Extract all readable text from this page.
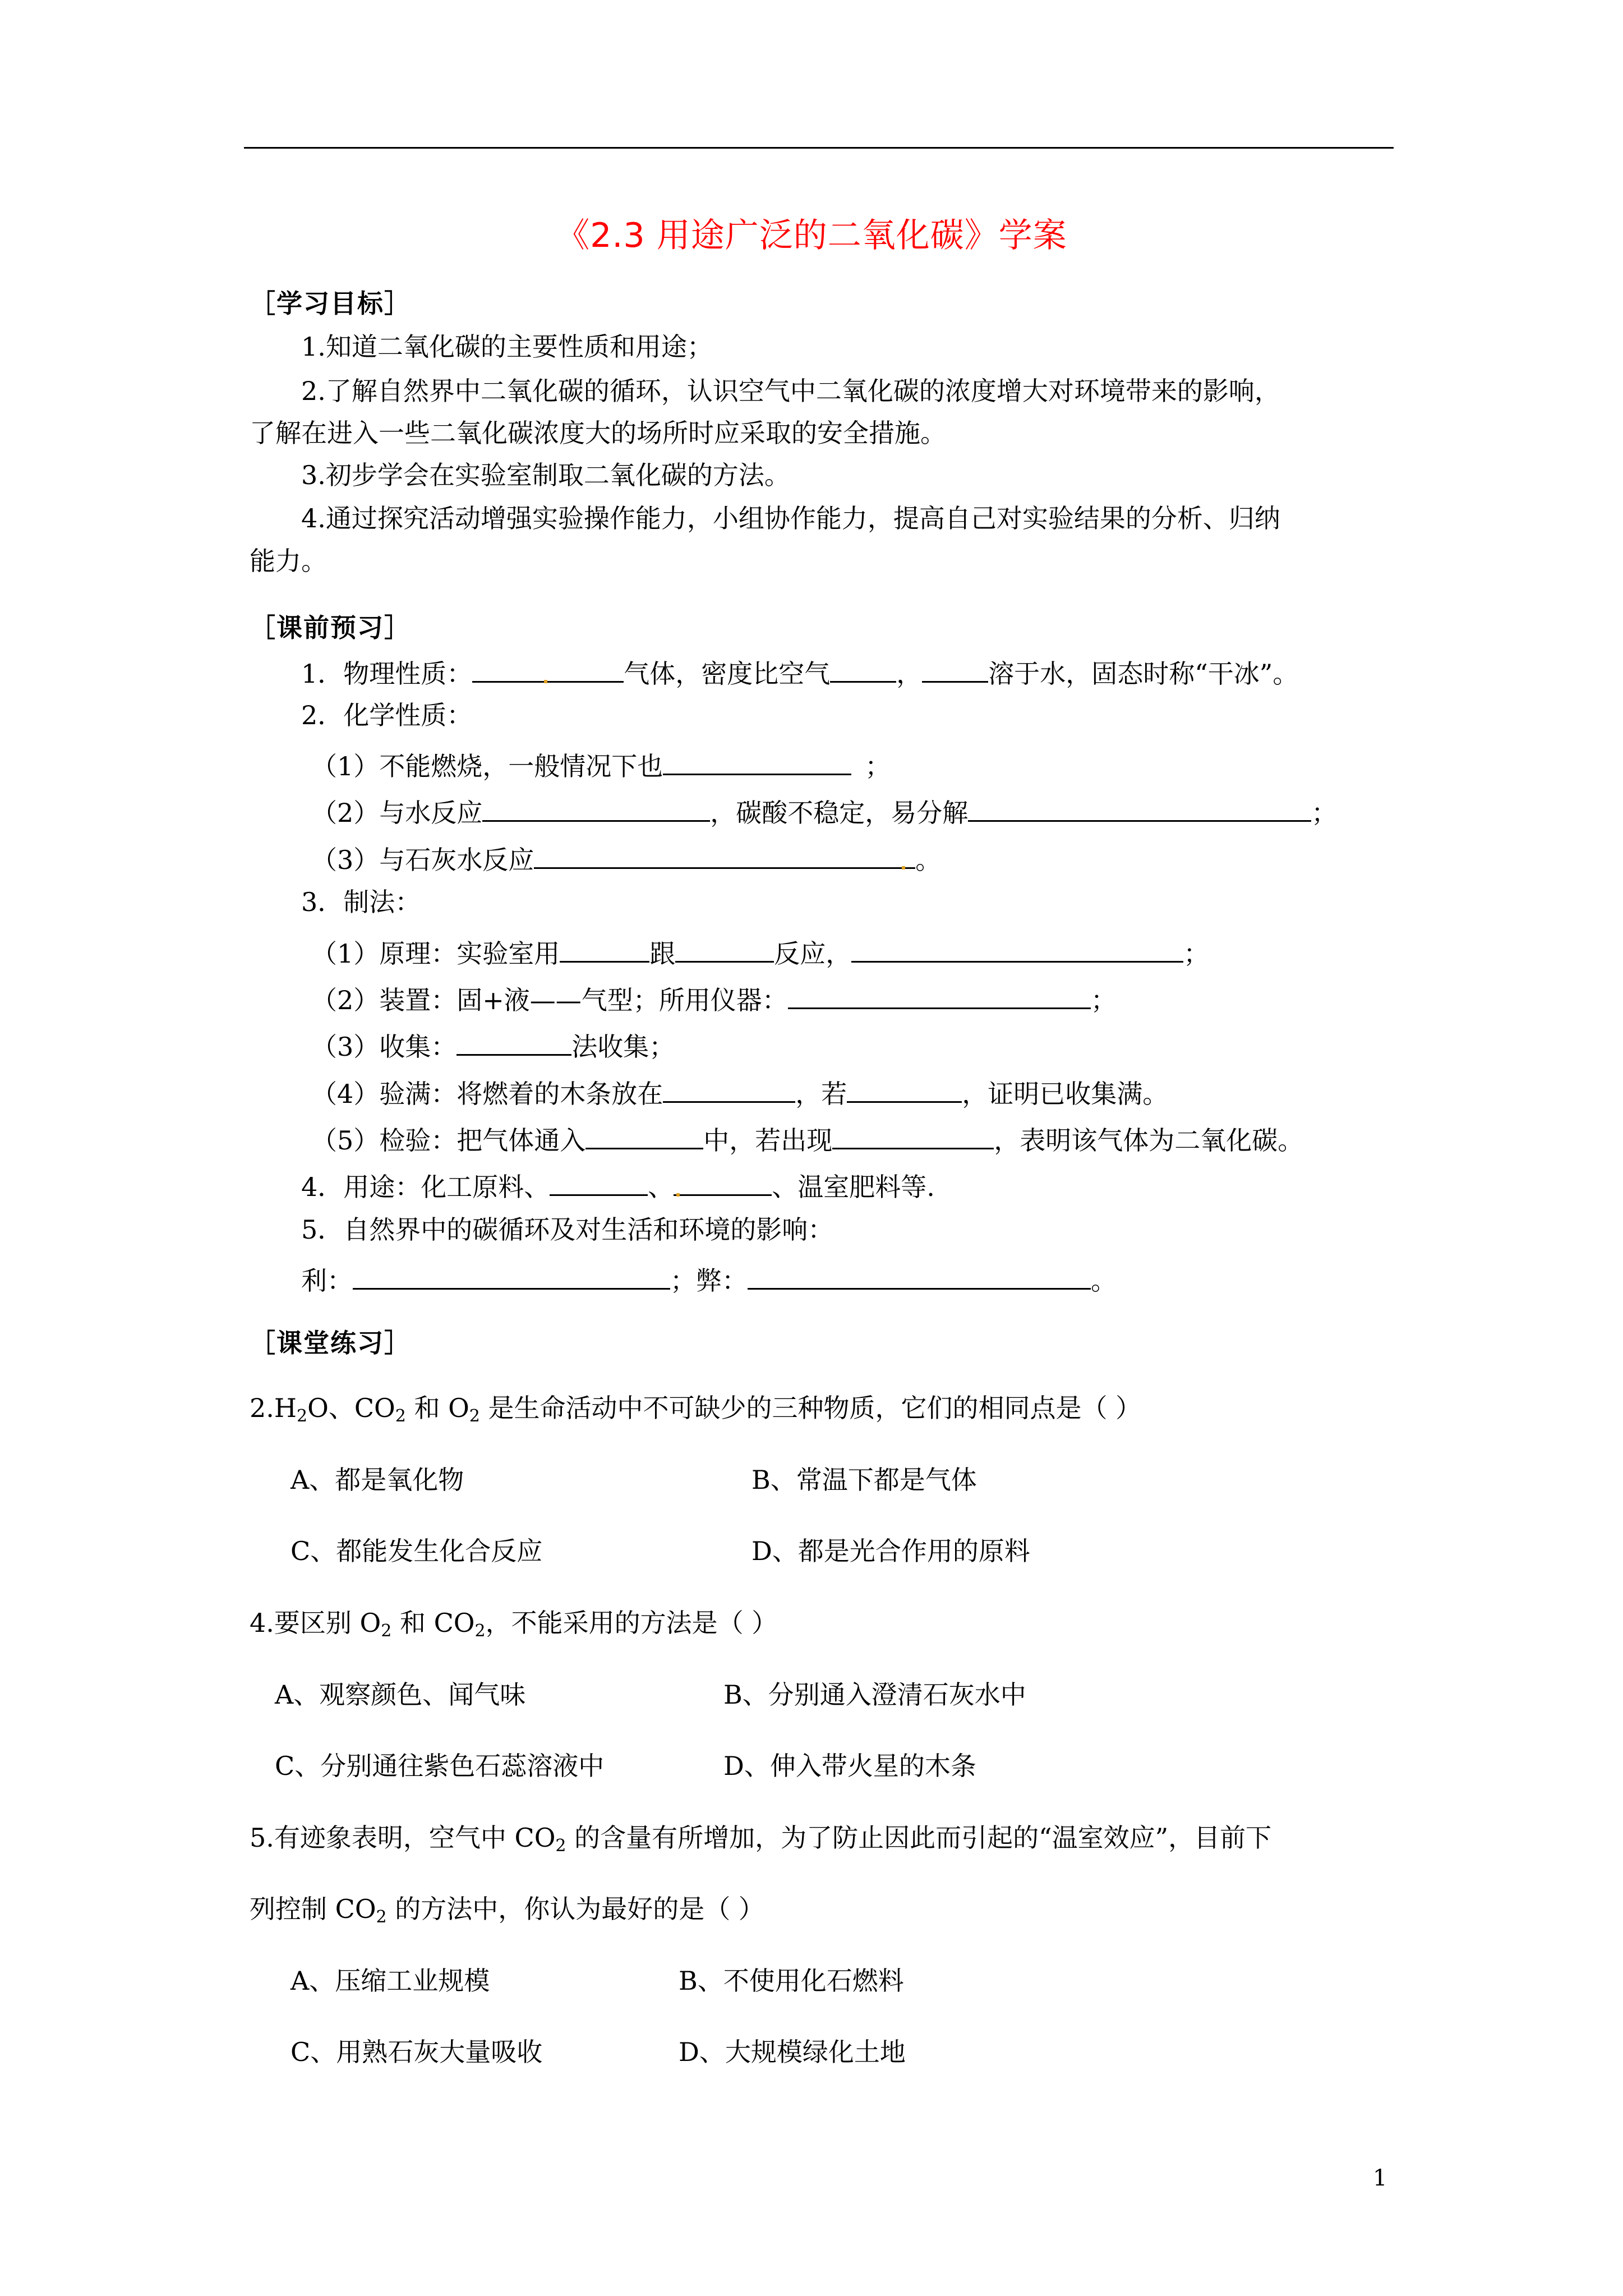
《2.3 用途广泛的二氧化碳》学案
［学习目标］
1.知道二氧化碳的主要性质和用途；
2.了解自然界中二氧化碳的循环，认识空气中二氧化碳的浓度增大对环境带来的影响，
了解在进入一些二氧化碳浓度大的场所时应采取的安全措施。
3.初步学会在实验室制取二氧化碳的方法。
4.通过探究活动增强实验操作能力，小组协作能力，提高自己对实验结果的分析、归纳
能力。
［课前预习］
1．物理性质：	气体，密度比空气	，	溶于水，固态时称“干冰”。
2．化学性质：
（1）不能燃烧，一般情况下也	；
（2）与水反应	，碳酸不稳定，易分解	；
（3）与石灰水反应	。
3．制法：
（1）原理：实验室用	跟	反应，	；
（2）装置：固+液——气型；所用仪器：	；
（3）收集：	法收集；
（4）验满：将燃着的木条放在	，若	，证明已收集满。
（5）检验：把气体通入	中，若出现	，表明该气体为二氧化碳。
4．用途：化工原料、	、	、温室肥料等.
5．自然界中的碳循环及对生活和环境的影响：
利：	；弊：	。
［课堂练习］
$2.H_2O$、$CO_2$ 和 $O_2$ 是生命活动中不可缺少的三种物质，它们的相同点是（ ）
A、都是氧化物	B、常温下都是气体
C、都能发生化合反应	D、都是光合作用的原料
4.要区别 $O_2$ 和 $CO_2$，不能采用的方法是（ ）
A、观察颜色、闻气味	B、分别通入澄清石灰水中
C、分别通往紫色石蕊溶液中	D、伸入带火星的木条
5.有迹象表明，空气中 $CO_2$ 的含量有所增加，为了防止因此而引起的“温室效应”，目前下
列控制 $CO_2$ 的方法中，你认为最好的是（ ）
A、压缩工业规模	B、不使用化石燃料
C、用熟石灰大量吸收	D、大规模绿化土地
1
